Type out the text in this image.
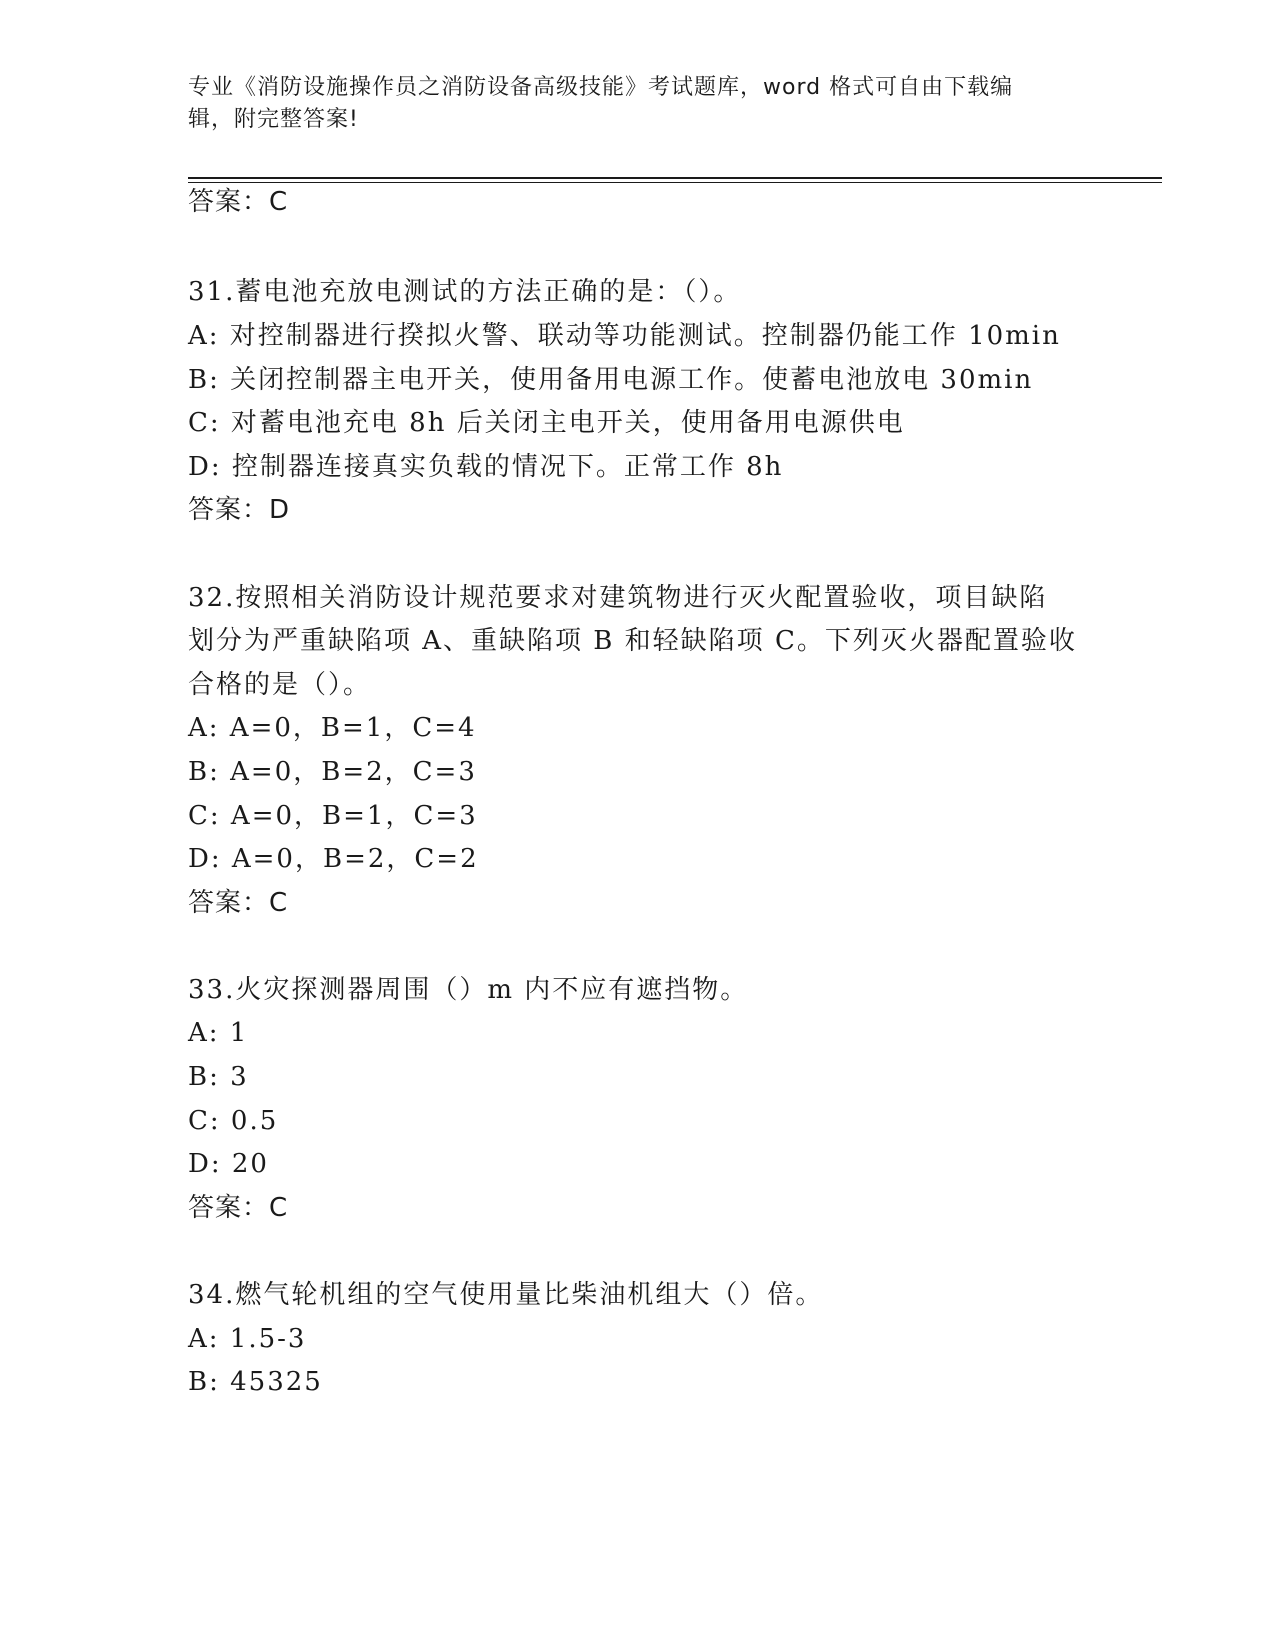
专业《消防设施操作员之消防设备高级技能》考试题库，word 格式可自由下载编
辑，附完整答案!
答案：C
31.蓄电池充放电测试的方法正确的是：（）。
A: 对控制器进行揆拟火警、联动等功能测试。控制器仍能工作 10min
B: 关闭控制器主电开关，使用备用电源工作。使蓄电池放电 30min
C: 对蓄电池充电 8h 后关闭主电开关，使用备用电源供电
D: 控制器连接真实负载的情况下。正常工作 8h
答案：D
32.按照相关消防设计规范要求对建筑物进行灭火配置验收，项目缺陷
划分为严重缺陷项 A、重缺陷项 B 和轻缺陷项 C。下列灭火器配置验收
合格的是（）。
A: A=0，B=1，C=4
B: A=0，B=2，C=3
C: A=0，B=1，C=3
D: A=0，B=2，C=2
答案：C
33.火灾探测器周围（）m 内不应有遮挡物。
A: 1
B: 3
C: 0.5
D: 20
答案：C
34.燃气轮机组的空气使用量比柴油机组大（）倍。
A: 1.5-3
B: 45325
